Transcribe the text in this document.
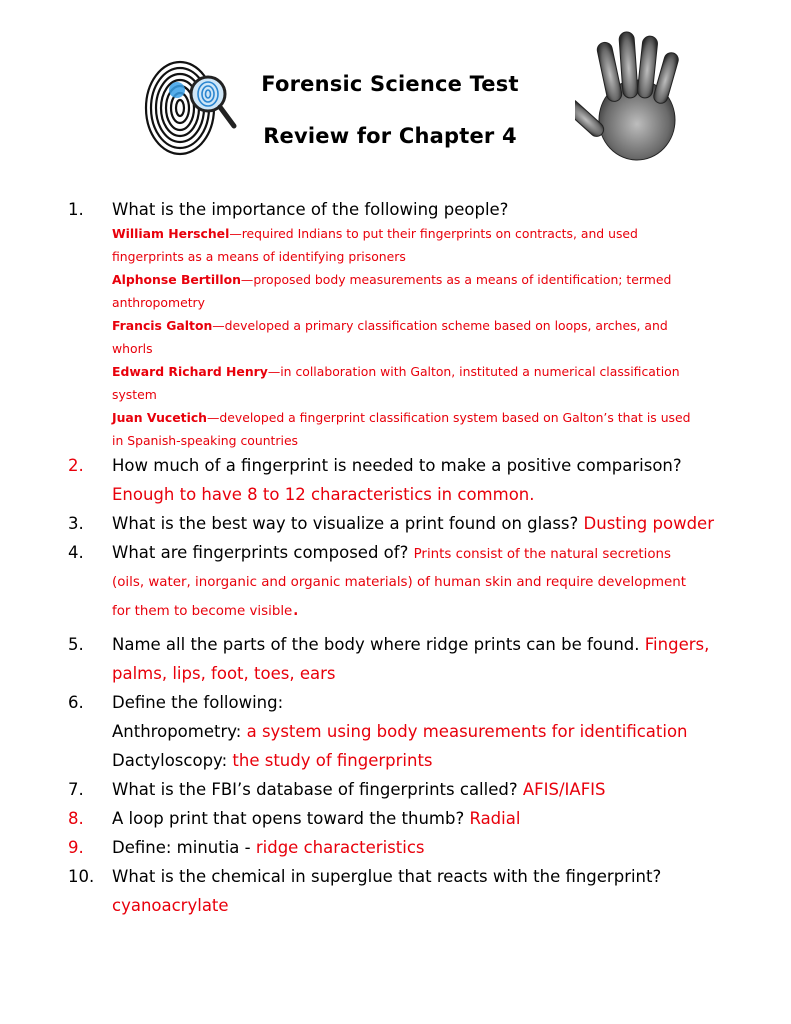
Forensic Science Test
Review for Chapter 4
1.	What is the importance of the following people?
William Herschel—required Indians to put their fingerprints on contracts, and used
fingerprints as a means of identifying prisoners
Alphonse Bertillon—proposed body measurements as a means of identification; termed
anthropometry
Francis Galton—developed a primary classification scheme based on loops, arches, and
whorls
Edward Richard Henry—in collaboration with Galton, instituted a numerical classification
system
Juan Vucetich—developed a fingerprint classification system based on Galton’s that is used
in Spanish-speaking countries
2.	How much of a fingerprint is needed to make a positive comparison?
Enough to have 8 to 12 characteristics in common.
3.	What is the best way to visualize a print found on glass? Dusting powder
4.	What are fingerprints composed of? Prints consist of the natural secretions
(oils, water, inorganic and organic materials) of human skin and require development
for them to become visible.
5.	Name all the parts of the body where ridge prints can be found. Fingers,
palms, lips, foot, toes, ears
6.	Define the following:
Anthropometry: a system using body measurements for identification
Dactyloscopy: the study of fingerprints
7.	What is the FBI’s database of fingerprints called? AFIS/IAFIS
8.	A loop print that opens toward the thumb? Radial
9.	Define: minutia - ridge characteristics
10.	What is the chemical in superglue that reacts with the fingerprint?
cyanoacrylate
